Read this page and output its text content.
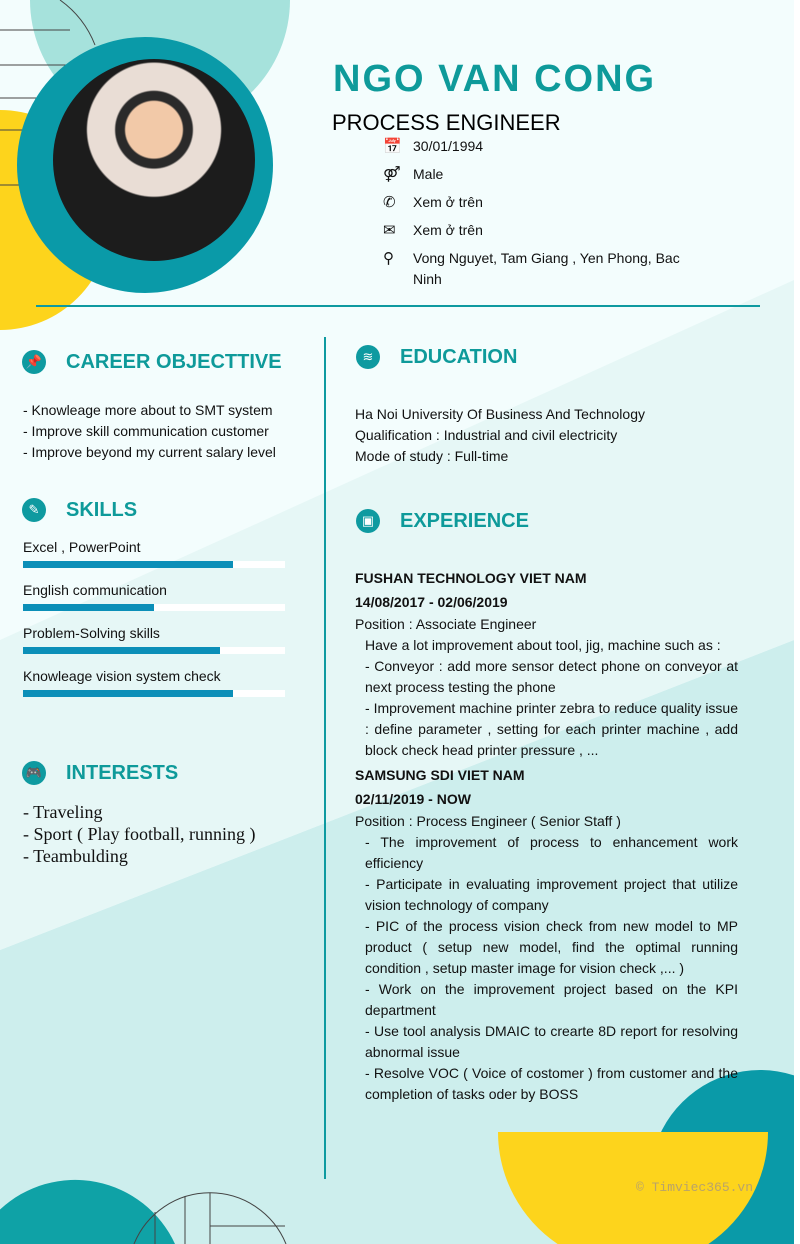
NGO VAN CONG
PROCESS ENGINEER
📅 30/01/1994
⚤ Male
✆	Xem ở trên
✉	Xem ở trên
⚲	Vong Nguyet, Tam Giang , Yen Phong, Bac Ninh
📌 CAREER OBJECTTIVE
- Knowleage more about to SMT system
- Improve skill communication customer
- Improve beyond my current salary level
✎	SKILLS
Excel , PowerPoint
English communication
Problem-Solving skills
Knowleage vision system check
🎮 INTERESTS
- Traveling
- Sport ( Play football, running )
- Teambulding
≋	EDUCATION
Ha Noi University Of Business And Technology
Qualification : Industrial and civil electricity
Mode of study : Full-time
▣ EXPERIENCE
FUSHAN TECHNOLOGY VIET NAM
14/08/2017 - 02/06/2019
Position : Associate Engineer
Have a lot improvement about tool, jig, machine such as :
- Conveyor : add more sensor detect phone on conveyor at next process testing the phone
- Improvement machine printer zebra to reduce quality issue : define parameter , setting for each printer machine , add block check head printer pressure , ...
SAMSUNG SDI VIET NAM
02/11/2019 - NOW
Position : Process Engineer ( Senior Staff )
- The improvement of process to enhancement work efficiency
- Participate in evaluating improvement project that utilize vision technology of company
- PIC of the process vision check from new model to MP product ( setup new model, find the optimal running condition , setup master image for vision check ,... )
- Work on the improvement project based on the KPI department
- Use tool analysis DMAIC to crearte 8D report for resolving abnormal issue
- Resolve VOC ( Voice of costomer ) from customer and the completion of tasks oder by BOSS
© Timviec365.vn
